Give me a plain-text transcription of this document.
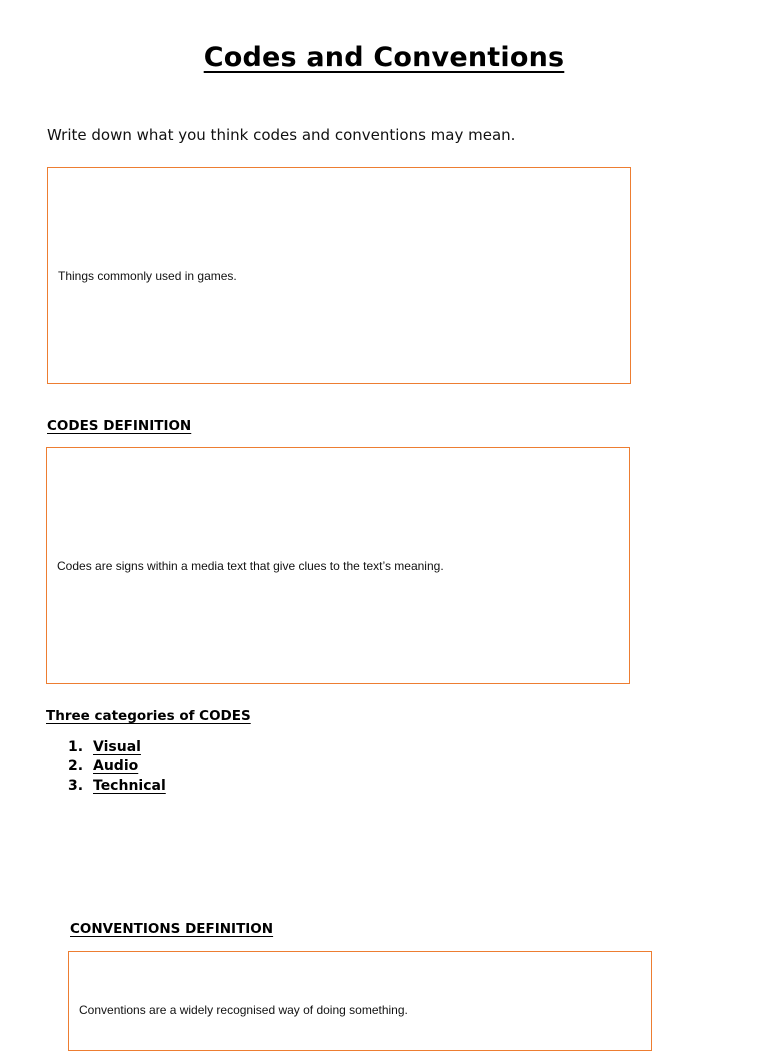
Codes and Conventions
Write down what you think codes and conventions may mean.
Things commonly used in games.
CODES DEFINITION
Codes are signs within a media text that give clues to the text’s meaning.
Three categories of CODES
1. Visual
2. Audio
3. Technical
CONVENTIONS DEFINITION
Conventions are a widely recognised way of doing something.
